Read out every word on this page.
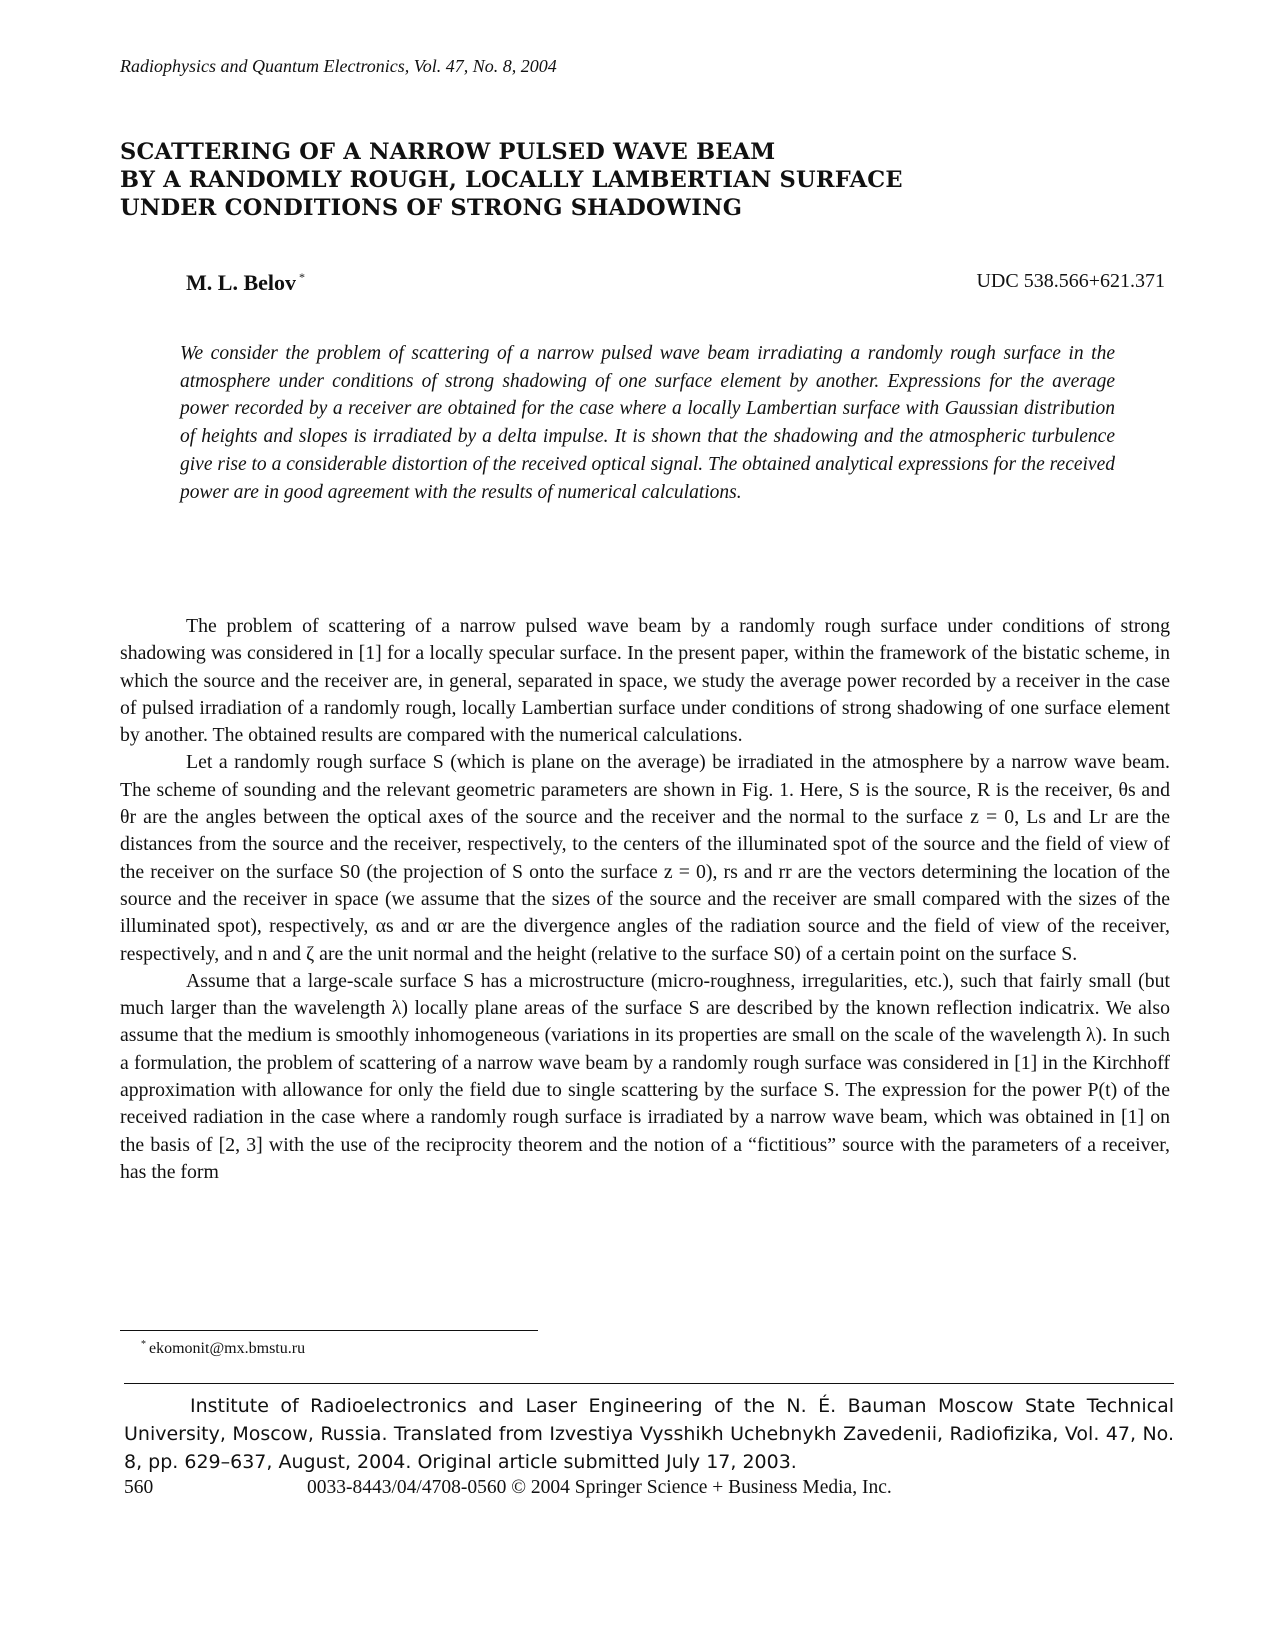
Radiophysics and Quantum Electronics, Vol. 47, No. 8, 2004
SCATTERING OF A NARROW PULSED WAVE BEAM
BY A RANDOMLY ROUGH, LOCALLY LAMBERTIAN SURFACE
UNDER CONDITIONS OF STRONG SHADOWING
M. L. Belov *	UDC 538.566+621.371
We consider the problem of scattering of a narrow pulsed wave beam irradiating a randomly rough surface in the atmosphere under conditions of strong shadowing of one surface element by another. Expressions for the average power recorded by a receiver are obtained for the case where a locally Lambertian surface with Gaussian distribution of heights and slopes is irradiated by a delta impulse. It is shown that the shadowing and the atmospheric turbulence give rise to a considerable distortion of the received optical signal. The obtained analytical expressions for the received power are in good agreement with the results of numerical calculations.

The problem of scattering of a narrow pulsed wave beam by a randomly rough surface under conditions of strong shadowing was considered in [1] for a locally specular surface. In the present paper, within the framework of the bistatic scheme, in which the source and the receiver are, in general, separated in space, we study the average power recorded by a receiver in the case of pulsed irradiation of a randomly rough, locally Lambertian surface under conditions of strong shadowing of one surface element by another. The obtained results are compared with the numerical calculations.

Let a randomly rough surface S (which is plane on the average) be irradiated in the atmosphere by a narrow wave beam. The scheme of sounding and the relevant geometric parameters are shown in Fig. 1. Here, S is the source, R is the receiver, θs and θr are the angles between the optical axes of the source and the receiver and the normal to the surface z = 0, Ls and Lr are the distances from the source and the receiver, respectively, to the centers of the illuminated spot of the source and the field of view of the receiver on the surface S0 (the projection of S onto the surface z = 0), rs and rr are the vectors determining the location of the source and the receiver in space (we assume that the sizes of the source and the receiver are small compared with the sizes of the illuminated spot), respectively, αs and αr are the divergence angles of the radiation source and the field of view of the receiver, respectively, and n and ζ are the unit normal and the height (relative to the surface S0) of a certain point on the surface S.

Assume that a large-scale surface S has a microstructure (micro-roughness, irregularities, etc.), such that fairly small (but much larger than the wavelength λ) locally plane areas of the surface S are described by the known reflection indicatrix. We also assume that the medium is smoothly inhomogeneous (variations in its properties are small on the scale of the wavelength λ). In such a formulation, the problem of scattering of a narrow wave beam by a randomly rough surface was considered in [1] in the Kirchhoff approximation with allowance for only the field due to single scattering by the surface S. The expression for the power P(t) of the received radiation in the case where a randomly rough surface is irradiated by a narrow wave beam, which was obtained in [1] on the basis of [2, 3] with the use of the reciprocity theorem and the notion of a “fictitious” source with the parameters of a receiver, has the form

* ekomonit@mx.bmstu.ru
Institute of Radioelectronics and Laser Engineering of the N. É. Bauman Moscow State Technical University, Moscow, Russia. Translated from Izvestiya Vysshikh Uchebnykh Zavedenii, Radiofizika, Vol. 47, No. 8, pp. 629–637, August, 2004. Original article submitted July 17, 2003.
560	0033-8443/04/4708-0560 © 2004 Springer Science + Business Media, Inc.
